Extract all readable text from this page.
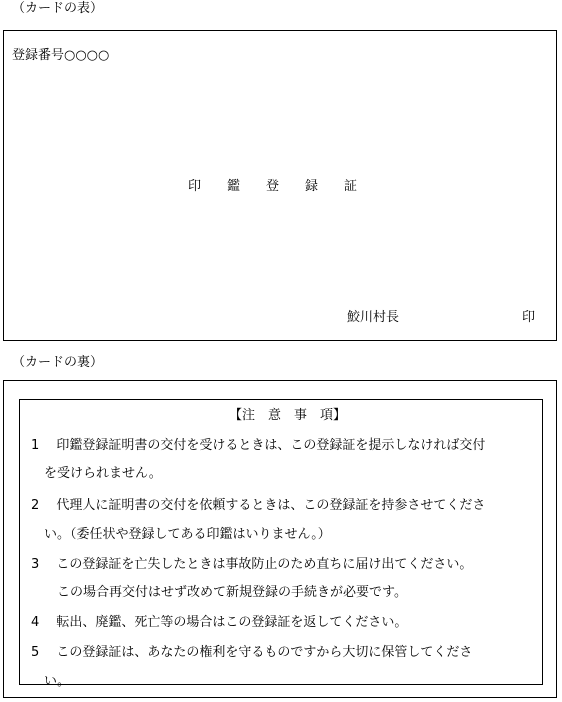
（カードの表）
登録番号○○○○
印　　鑑　　登　　録　　証
鮫川村長	印
（カードの裏）
【注　意　事　項】
1　 印鑑登録証明書の交付を受けるときは、この登録証を提示しなければ交付
　を受けられません。
2　 代理人に証明書の交付を依頼するときは、この登録証を持参させてくださ
　い。（委任状や登録してある印鑑はいりません。）
3　 この登録証を亡失したときは事故防止のため直ちに届け出てください。
　　この場合再交付はせず改めて新規登録の手続きが必要です。
4　 転出、廃鑑、死亡等の場合はこの登録証を返してください。
5　 この登録証は、あなたの権利を守るものですから大切に保管してくださ
　い。
